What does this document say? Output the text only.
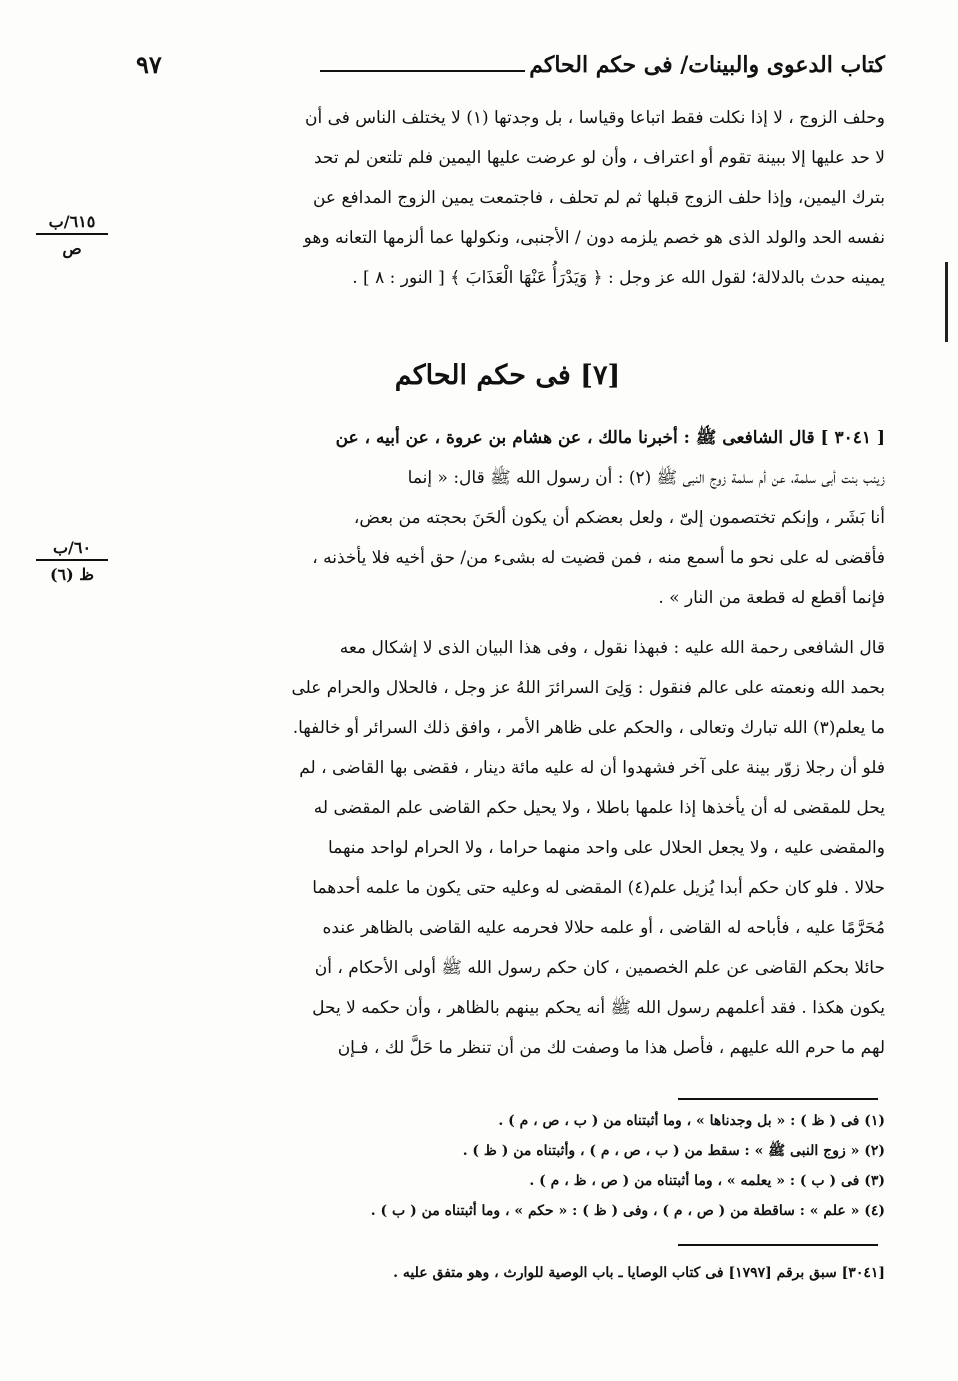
كتاب الدعوى والبينات/ فى حكم الحاكم
٩٧
وحلف الزوج ، لا إذا نكلت فقط اتباعا وقياسا ، بل وجدتها (١) لا يختلف الناس فى أن
لا حد عليها إلا ببينة تقوم أو اعتراف ، وأن لو عرضت عليها اليمين فلم تلتعن لم تحد
بترك اليمين، وإذا حلف الزوج قبلها ثم لم تحلف ، فاجتمعت يمين الزوج المدافع عن
نفسه الحد والولد الذى هو خصم يلزمه دون / الأجنبى، ونكولها عما ألزمها التعانه وهو
يمينه حدث بالدلالة؛ لقول الله عز وجل : ﴿ وَيَدْرَأُ عَنْهَا الْعَذَابَ ﴾ [ النور : ٨ ] .
٦١٥/ب
ص
[٧] فى حكم الحاكم
[ ٣٠٤١ ] قال الشافعى ﷺ : أخبرنا مالك ، عن هشام بن عروة ، عن أبيه ، عن
زينب بنت أبى سلمة، عن أم سلمة زوج النبى ﷺ (٢) : أن رسول الله ﷺ قال: « إنما
أنا بَشَر ، وإنكم تختصمون إلىّ ، ولعل بعضكم أن يكون ألحَنَ بحجته من بعض،
فأقضى له على نحو ما أسمع منه ، فمن قضيت له بشىء من/ حق أخيه فلا يأخذنه ،
فإنما أقطع له قطعة من النار » .
٦٠/ب
ظ (٦)
قال الشافعى رحمة الله عليه : فبهذا نقول ، وفى هذا البيان الذى لا إشكال معه
بحمد الله ونعمته على عالم فنقول : وَلِىَ السرائرَ اللهُ عز وجل ، فالحلال والحرام على
ما يعلم(٣) الله تبارك وتعالى ، والحكم على ظاهر الأمر ، وافق ذلك السرائر أو خالفها.
فلو أن رجلا زوّر بينة على آخر فشهدوا أن له عليه مائة دينار ، فقضى بها القاضى ، لم
يحل للمقضى له أن يأخذها إذا علمها باطلا ، ولا يحيل حكم القاضى علم المقضى له
والمقضى عليه ، ولا يجعل الحلال على واحد منهما حراما ، ولا الحرام لواحد منهما
حلالا . فلو كان حكم أبدا يُزيل علم(٤) المقضى له وعليه حتى يكون ما علمه أحدهما
مُحَرَّمًا عليه ، فأباحه له القاضى ، أو علمه حلالا فحرمه عليه القاضى بالظاهر عنده
حائلا بحكم القاضى عن علم الخصمين ، كان حكم رسول الله ﷺ أولى الأحكام ، أن
يكون هكذا . فقد أعلمهم رسول الله ﷺ أنه يحكم بينهم بالظاهر ، وأن حكمه لا يحل
لهم ما حرم الله عليهم ، فأصل هذا ما وصفت لك من أن تنظر ما حَلَّ لك ، فـإن
(١) فى ( ظ ) : « بل وجدناها » ، وما أثبتناه من ( ب ، ص ، م ) .
(٢) « زوج النبى ﷺ » : سقط من ( ب ، ص ، م ) ، وأثبتناه من ( ظ ) .
(٣) فى ( ب ) : « يعلمه » ، وما أثبتناه من ( ص ، ظ ، م ) .
(٤) « علم » : ساقطة من ( ص ، م ) ، وفى ( ظ ) : « حكم » ، وما أثبتناه من ( ب ) .
[٣٠٤١] سبق برقم [١٧٩٧] فى كتاب الوصايا ـ باب الوصية للوارث ، وهو متفق عليه .
